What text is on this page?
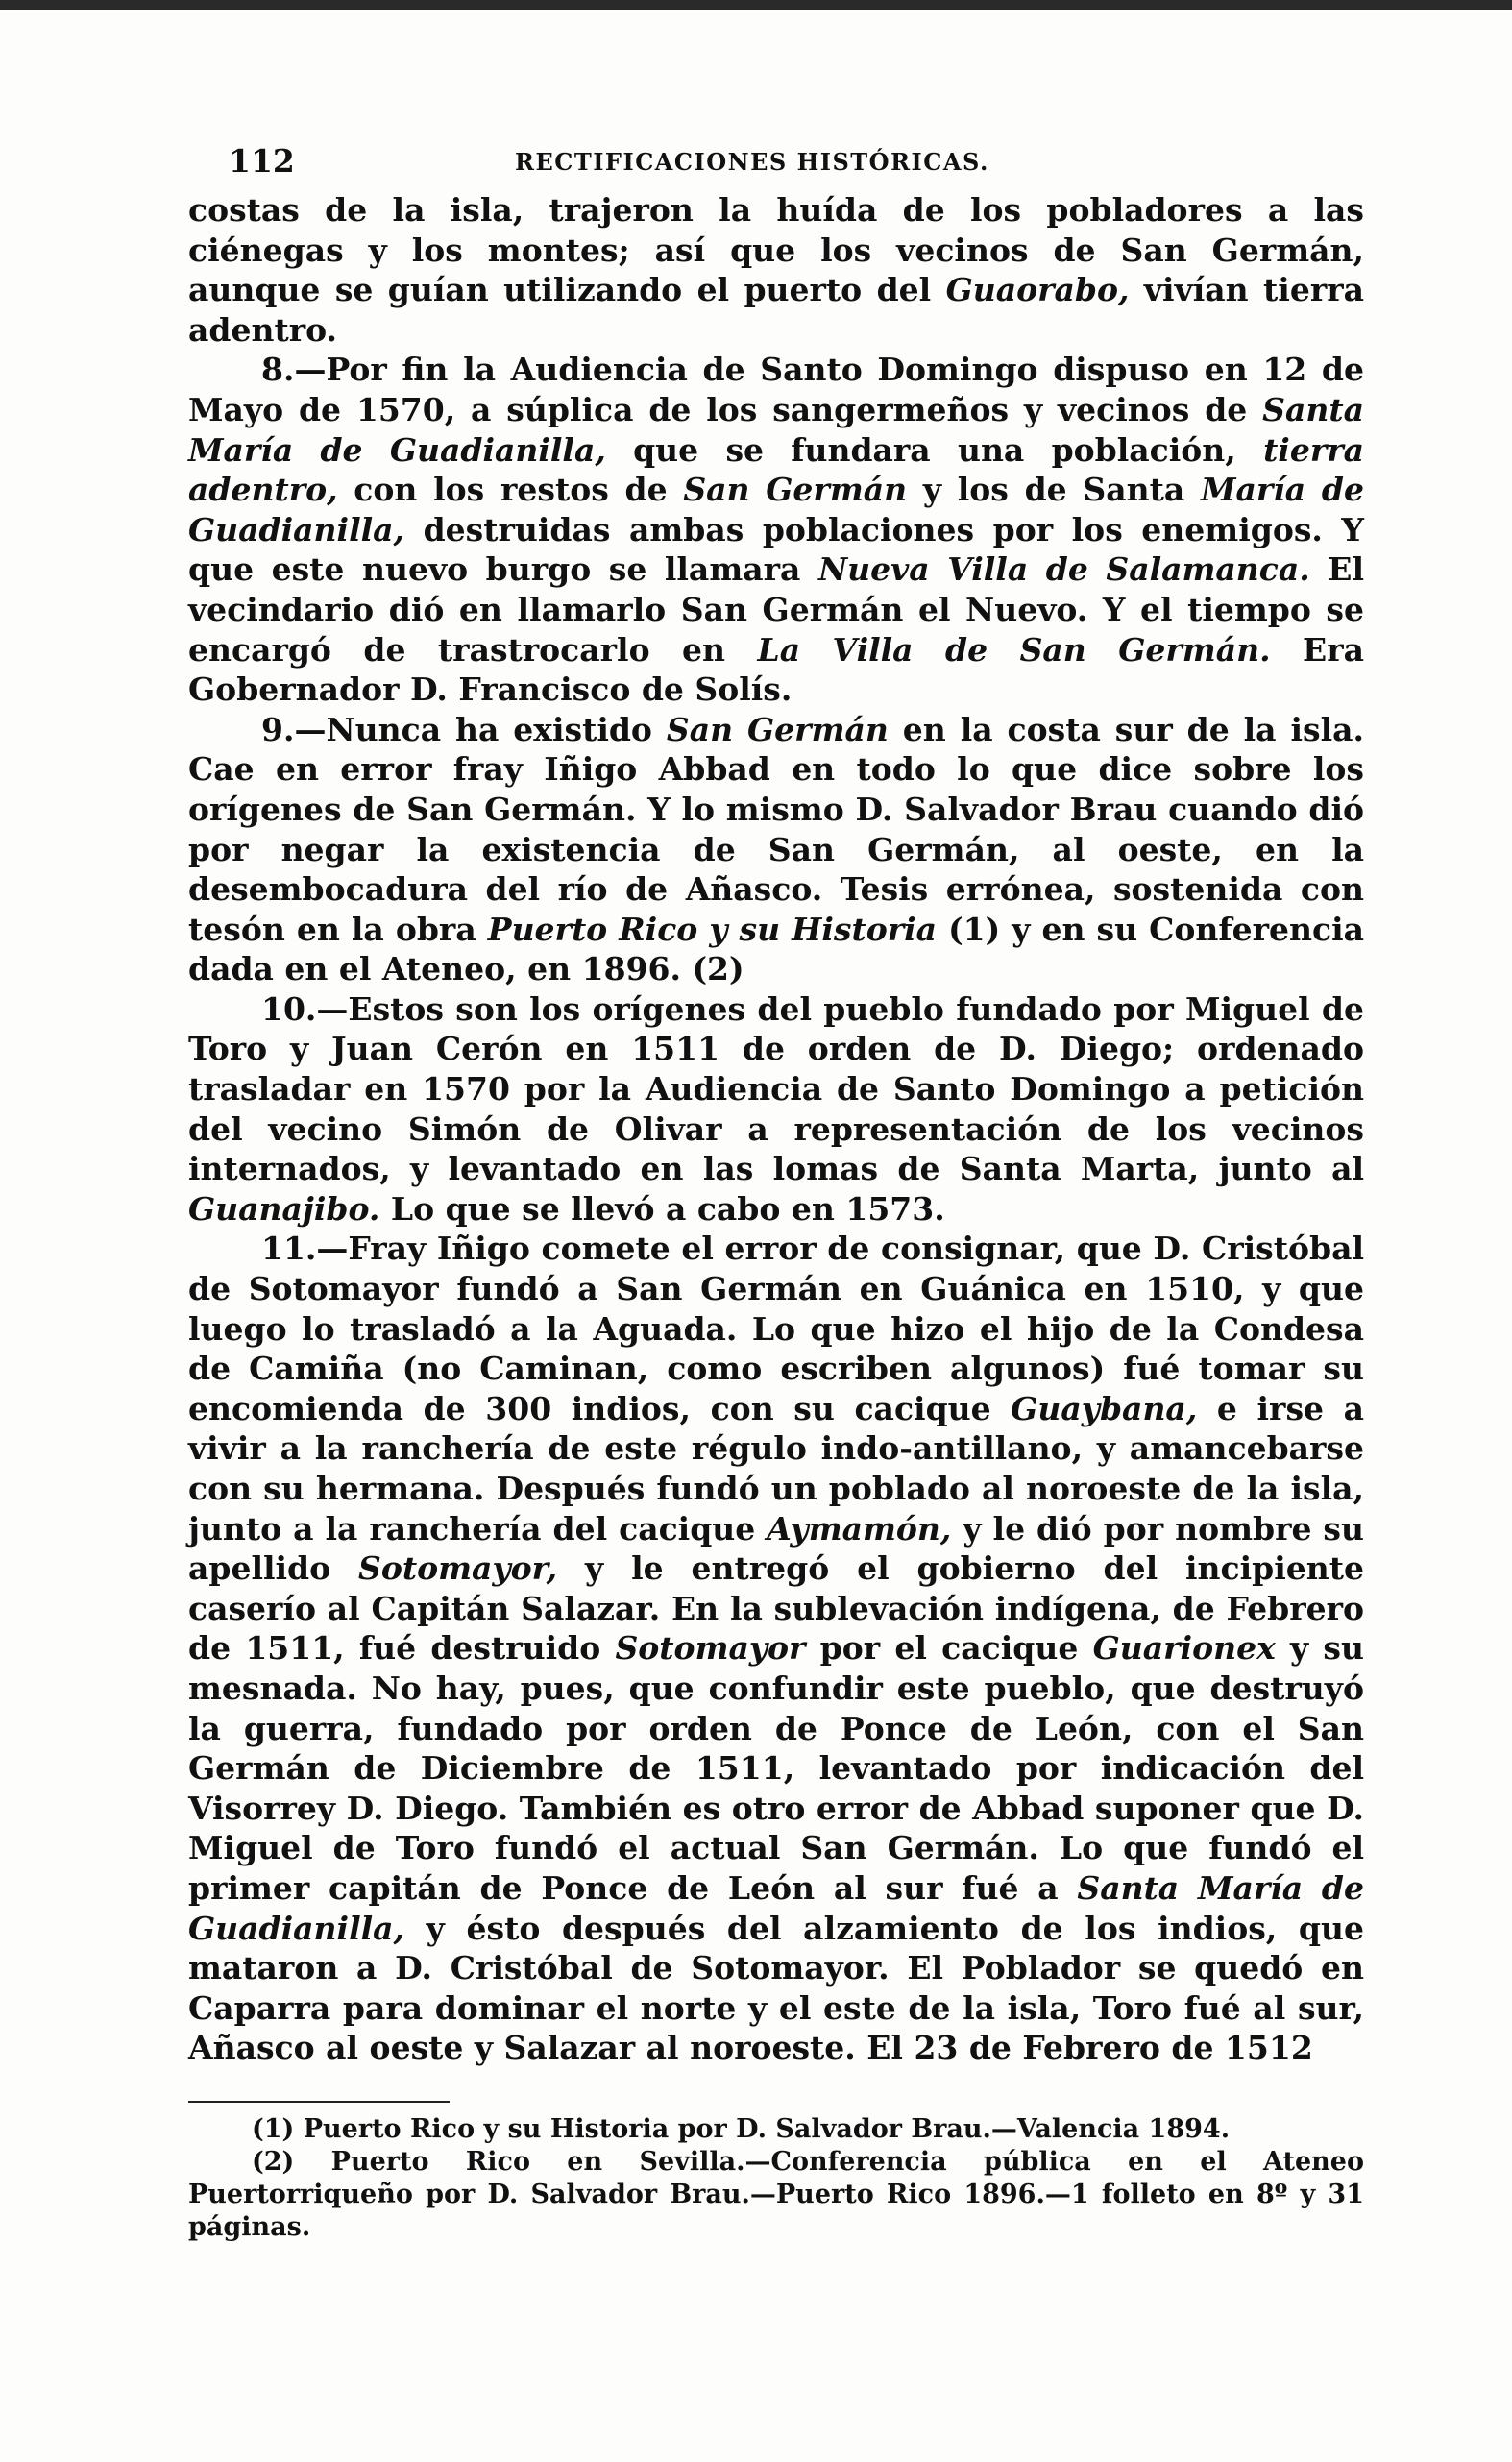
112	RECTIFICACIONES HISTÓRICAS.

costas de la isla, trajeron la huída de los pobladores a las ciénegas y los montes; así que los vecinos de San Germán, aunque se guían utilizando el puerto del Guaorabo, vivían tierra adentro.

8.—Por fin la Audiencia de Santo Domingo dispuso en 12 de Mayo de 1570, a súplica de los sangermeños y vecinos de Santa María de Guadianilla, que se fundara una población, tierra adentro, con los restos de San Germán y los de Santa María de Guadianilla, destruidas ambas poblaciones por los enemigos. Y que este nuevo burgo se llamara Nueva Villa de Salamanca. El vecindario dió en llamarlo San Germán el Nuevo. Y el tiempo se encargó de trastrocarlo en La Villa de San Germán. Era Gobernador D. Francisco de Solís.

9.—Nunca ha existido San Germán en la costa sur de la isla. Cae en error fray Iñigo Abbad en todo lo que dice sobre los orígenes de San Germán. Y lo mismo D. Salvador Brau cuando dió por negar la existencia de San Germán, al oeste, en la desembocadura del río de Añasco. Tesis errónea, sostenida con tesón en la obra Puerto Rico y su Historia (1) y en su Conferencia dada en el Ateneo, en 1896. (2)

10.—Estos son los orígenes del pueblo fundado por Miguel de Toro y Juan Cerón en 1511 de orden de D. Diego; ordenado trasladar en 1570 por la Audiencia de Santo Domingo a petición del vecino Simón de Olivar a representación de los vecinos internados, y levantado en las lomas de Santa Marta, junto al Guanajibo. Lo que se llevó a cabo en 1573.

11.—Fray Iñigo comete el error de consignar, que D. Cristóbal de Sotomayor fundó a San Germán en Guánica en 1510, y que luego lo trasladó a la Aguada. Lo que hizo el hijo de la Condesa de Camiña (no Caminan, como escriben algunos) fué tomar su encomienda de 300 indios, con su cacique Guaybana, e irse a vivir a la ranchería de este régulo indo-antillano, y amancebarse con su hermana. Después fundó un poblado al noroeste de la isla, junto a la ranchería del cacique Aymamón, y le dió por nombre su apellido Sotomayor, y le entregó el gobierno del incipiente caserío al Capitán Salazar. En la sublevación indígena, de Febrero de 1511, fué destruido Sotomayor por el cacique Guarionex y su mesnada. No hay, pues, que confundir este pueblo, que destruyó la guerra, fundado por orden de Ponce de León, con el San Germán de Diciembre de 1511, levantado por indicación del Visorrey D. Diego. También es otro error de Abbad suponer que D. Miguel de Toro fundó el actual San Germán. Lo que fundó el primer capitán de Ponce de León al sur fué a Santa María de Guadianilla, y ésto después del alzamiento de los indios, que mataron a D. Cristóbal de Sotomayor. El Poblador se quedó en Caparra para dominar el norte y el este de la isla, Toro fué al sur, Añasco al oeste y Salazar al noroeste. El 23 de Febrero de 1512

(1) Puerto Rico y su Historia por D. Salvador Brau.—Valencia 1894.

(2) Puerto Rico en Sevilla.—Conferencia pública en el Ateneo Puertorriqueño por D. Salvador Brau.—Puerto Rico 1896.—1 folleto en 8º y 31 páginas.
